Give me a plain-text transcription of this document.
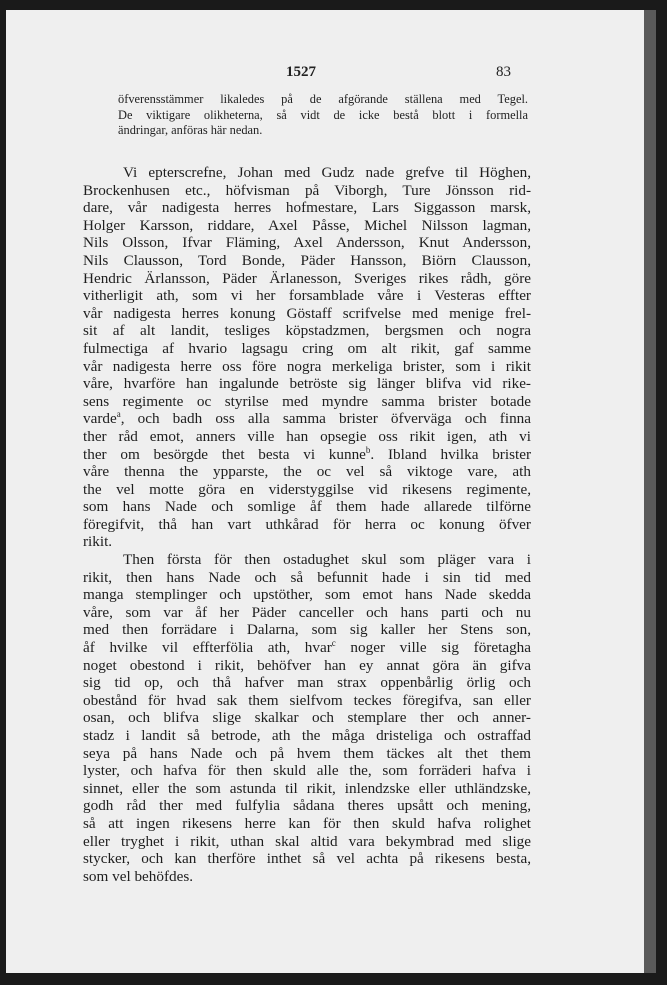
1527	83
öfverensstämmer likaledes på de afgörande ställena med Tegel.
De viktigare olikheterna, så vidt de icke bestå blott i formella
ändringar, anföras här nedan.
Vi epterscrefne, Johan med Gudz nade grefve til Höghen,
Brockenhusen etc., höfvisman på Viborgh, Ture Jönsson rid-
dare, vår nadigesta herres hofmestare, Lars Siggasson marsk,
Holger Karsson, riddare, Axel Påsse, Michel Nilsson lagman,
Nils Olsson, Ifvar Fläming, Axel Andersson, Knut Andersson,
Nils Clausson, Tord Bonde, Päder Hansson, Biörn Clausson,
Hendric Ärlansson, Päder Ärlanesson, Sveriges rikes rådh, göre
vitherligit ath, som vi her forsamblade våre i Vesteras effter
vår nadigesta herres konung Göstaff scrifvelse med menige frel-
sit af alt landit, tesliges köpstadzmen, bergsmen och nogra
fulmectiga af hvario lagsagu cring om alt rikit, gaf samme
vår nadigesta herre oss före nogra merkeliga brister, som i rikit
våre, hvarföre han ingalunde betröste sig länger blifva vid rike-
sens regimente oc styrilse med myndre samma brister botade
varde$^a$, och badh oss alla samma brister öfverväga och finna
ther råd emot, anners ville han opsegie oss rikit igen, ath vi
ther om besörgde thet besta vi kunne$^b$. Ibland hvilka brister
våre thenna the ypparste, the oc vel så viktoge vare, ath
the vel motte göra en viderstyggilse vid rikesens regimente,
som hans Nade och somlige åf them hade allarede tilförne
föregifvit, thå han vart uthkårad för herra oc konung öfver
rikit.
Then första för then ostadughet skul som pläger vara i
rikit, then hans Nade och så befunnit hade i sin tid med
manga stemplinger och upstöther, som emot hans Nade skedda
våre, som var åf her Päder canceller och hans parti och nu
med then forrädare i Dalarna, som sig kaller her Stens son,
åf hvilke vil effterfölia ath, hvar$^c$ noger ville sig företagha
noget obestond i rikit, behöfver han ey annat göra än gifva
sig tid op, och thå hafver man strax oppenbårlig örlig och
obestånd för hvad sak them sielfvom teckes föregifva, san eller
osan, och blifva slige skalkar och stemplare ther och anner-
stadz i landit så betrode, ath the måga dristeliga och ostraffad
seya på hans Nade och på hvem them täckes alt thet them
lyster, och hafva för then skuld alle the, som forräderi hafva i
sinnet, eller the som astunda til rikit, inlendzske eller uthländzske,
godh råd ther med fulfylia sådana theres upsått och mening,
så att ingen rikesens herre kan för then skuld hafva rolighet
eller tryghet i rikit, uthan skal altid vara bekymbrad med slige
stycker, och kan therföre inthet så vel achta på rikesens besta,
som vel behöfdes.
